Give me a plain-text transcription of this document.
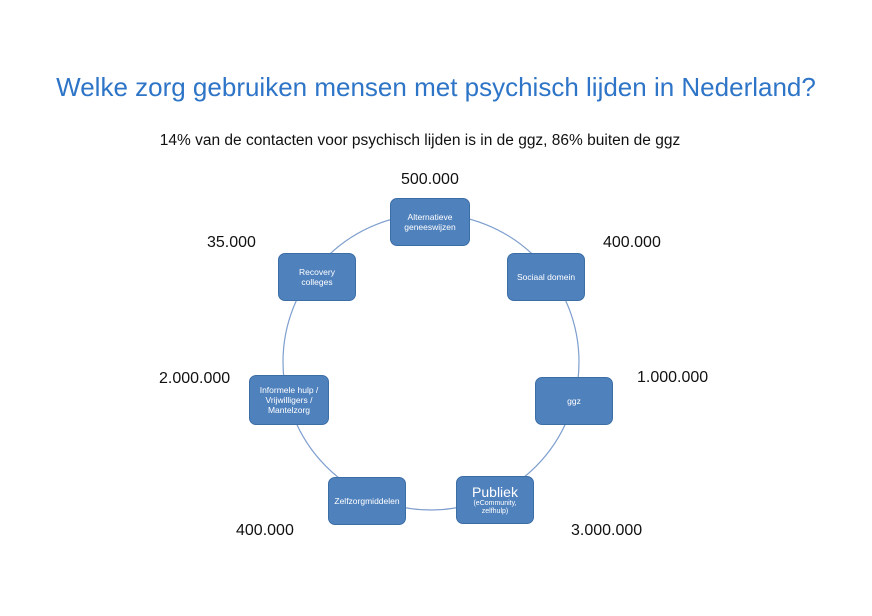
Welke zorg gebruiken mensen met psychisch lijden in Nederland?
14% van de contacten voor psychisch lijden is in de ggz, 86% buiten de ggz
Alternatieve geneeswijzen
Sociaal domein
ggz
Publiek
(eCommunity, zelfhulp)
Zelfzorgmiddelen
Informele hulp / Vrijwilligers / Mantelzorg
Recovery colleges
500.000
400.000
1.000.000
3.000.000
400.000
2.000.000
35.000
